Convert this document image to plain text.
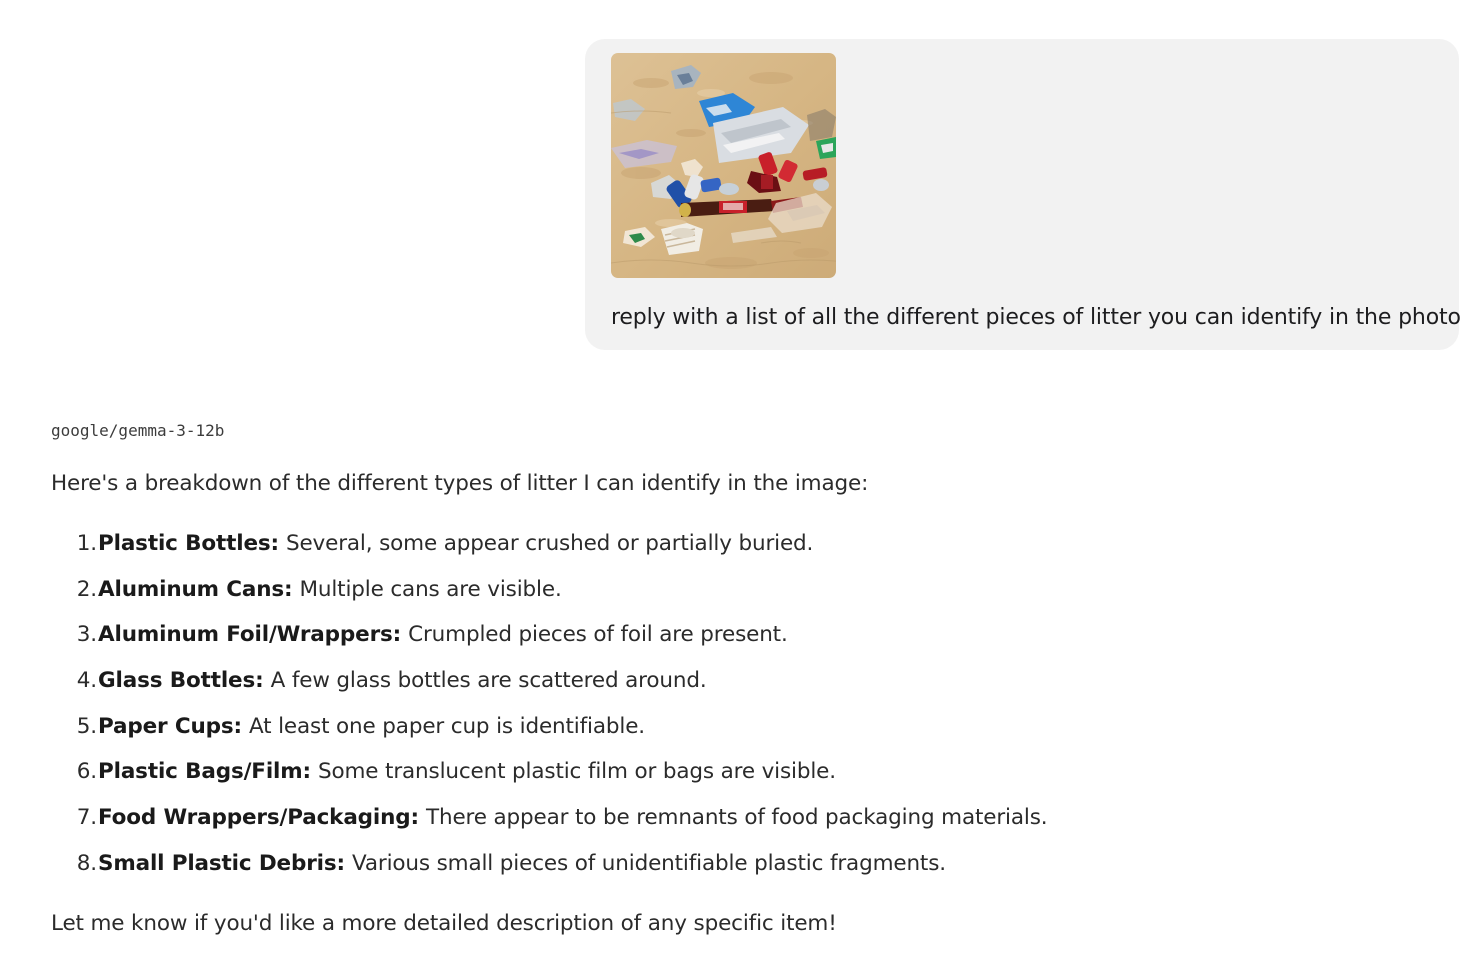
reply with a list of all the different pieces of litter you can identify in the photo
google/gemma-3-12b

Here's a breakdown of the different types of litter I can identify in the image:

1. Plastic Bottles: Several, some appear crushed or partially buried.
2. Aluminum Cans: Multiple cans are visible.
3. Aluminum Foil/Wrappers: Crumpled pieces of foil are present.
4. Glass Bottles: A few glass bottles are scattered around.
5. Paper Cups: At least one paper cup is identifiable.
6. Plastic Bags/Film: Some translucent plastic film or bags are visible.
7. Food Wrappers/Packaging: There appear to be remnants of food packaging materials.
8. Small Plastic Debris: Various small pieces of unidentifiable plastic fragments.

Let me know if you'd like a more detailed description of any specific item!
